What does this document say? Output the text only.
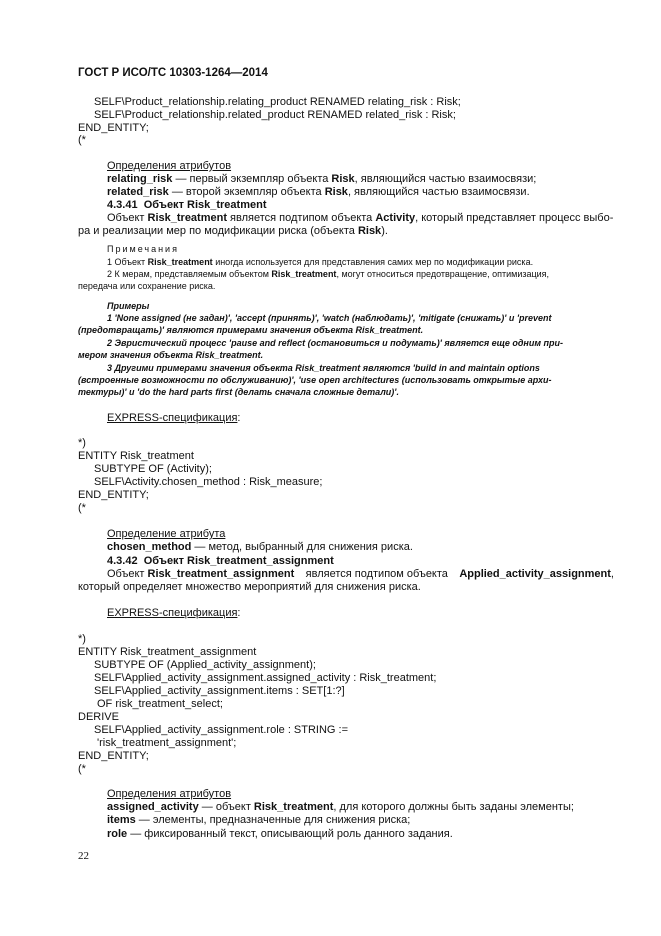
ГОСТ Р ИСО/ТС 10303-1264—2014
SELF\Product_relationship.relating_product RENAMED relating_risk : Risk;
SELF\Product_relationship.related_product RENAMED related_risk : Risk;
END_ENTITY;
(*
Определения атрибутов
relating_risk — первый экземпляр объекта Risk, являющийся частью взаимосвязи;
related_risk — второй экземпляр объекта Risk, являющийся частью взаимосвязи.
4.3.41 Объект Risk_treatment
Объект Risk_treatment является подтипом объекта Activity, который представляет процесс выбо-
ра и реализации мер по модификации риска (объекта Risk).
Примечания
1 Объект Risk_treatment иногда используется для представления самих мер по модификации риска.
2 К мерам, представляемым объектом Risk_treatment, могут относиться предотвращение, оптимизация,
передача или сохранение риска.
Примеры
1 'None assigned (не задан)', 'accept (принять)', 'watch (наблюдать)', 'mitigate (снижать)' и 'prevent
(предотвращать)' являются примерами значения объекта Risk_treatment.
2 Эвристический процесс 'pause and reflect (остановиться и подумать)' является еще одним при-
мером значения объекта Risk_treatment.
3 Другими примерами значения объекта Risk_treatment являются 'build in and maintain options
(встроенные возможности по обслуживанию)', 'use open architectures (использовать открытые архи-
тектуры)' и 'do the hard parts first (делать сначала сложные детали)'.
EXPRESS-спецификация:
*)
ENTITY Risk_treatment
SUBTYPE OF (Activity);
SELF\Activity.chosen_method : Risk_measure;
END_ENTITY;
(*
Определение атрибута
chosen_method — метод, выбранный для снижения риска.
4.3.42 Объект Risk_treatment_assignment
Объект Risk_treatment_assignment является подтипом объекта Applied_activity_assignment,
который определяет множество мероприятий для снижения риска.
EXPRESS-спецификация:
*)
ENTITY Risk_treatment_assignment
SUBTYPE OF (Applied_activity_assignment);
SELF\Applied_activity_assignment.assigned_activity : Risk_treatment;
SELF\Applied_activity_assignment.items : SET[1:?]
OF risk_treatment_select;
DERIVE
SELF\Applied_activity_assignment.role : STRING :=
'risk_treatment_assignment';
END_ENTITY;
(*
Определения атрибутов
assigned_activity — объект Risk_treatment, для которого должны быть заданы элементы;
items — элементы, предназначенные для снижения риска;
role — фиксированный текст, описывающий роль данного задания.
22
